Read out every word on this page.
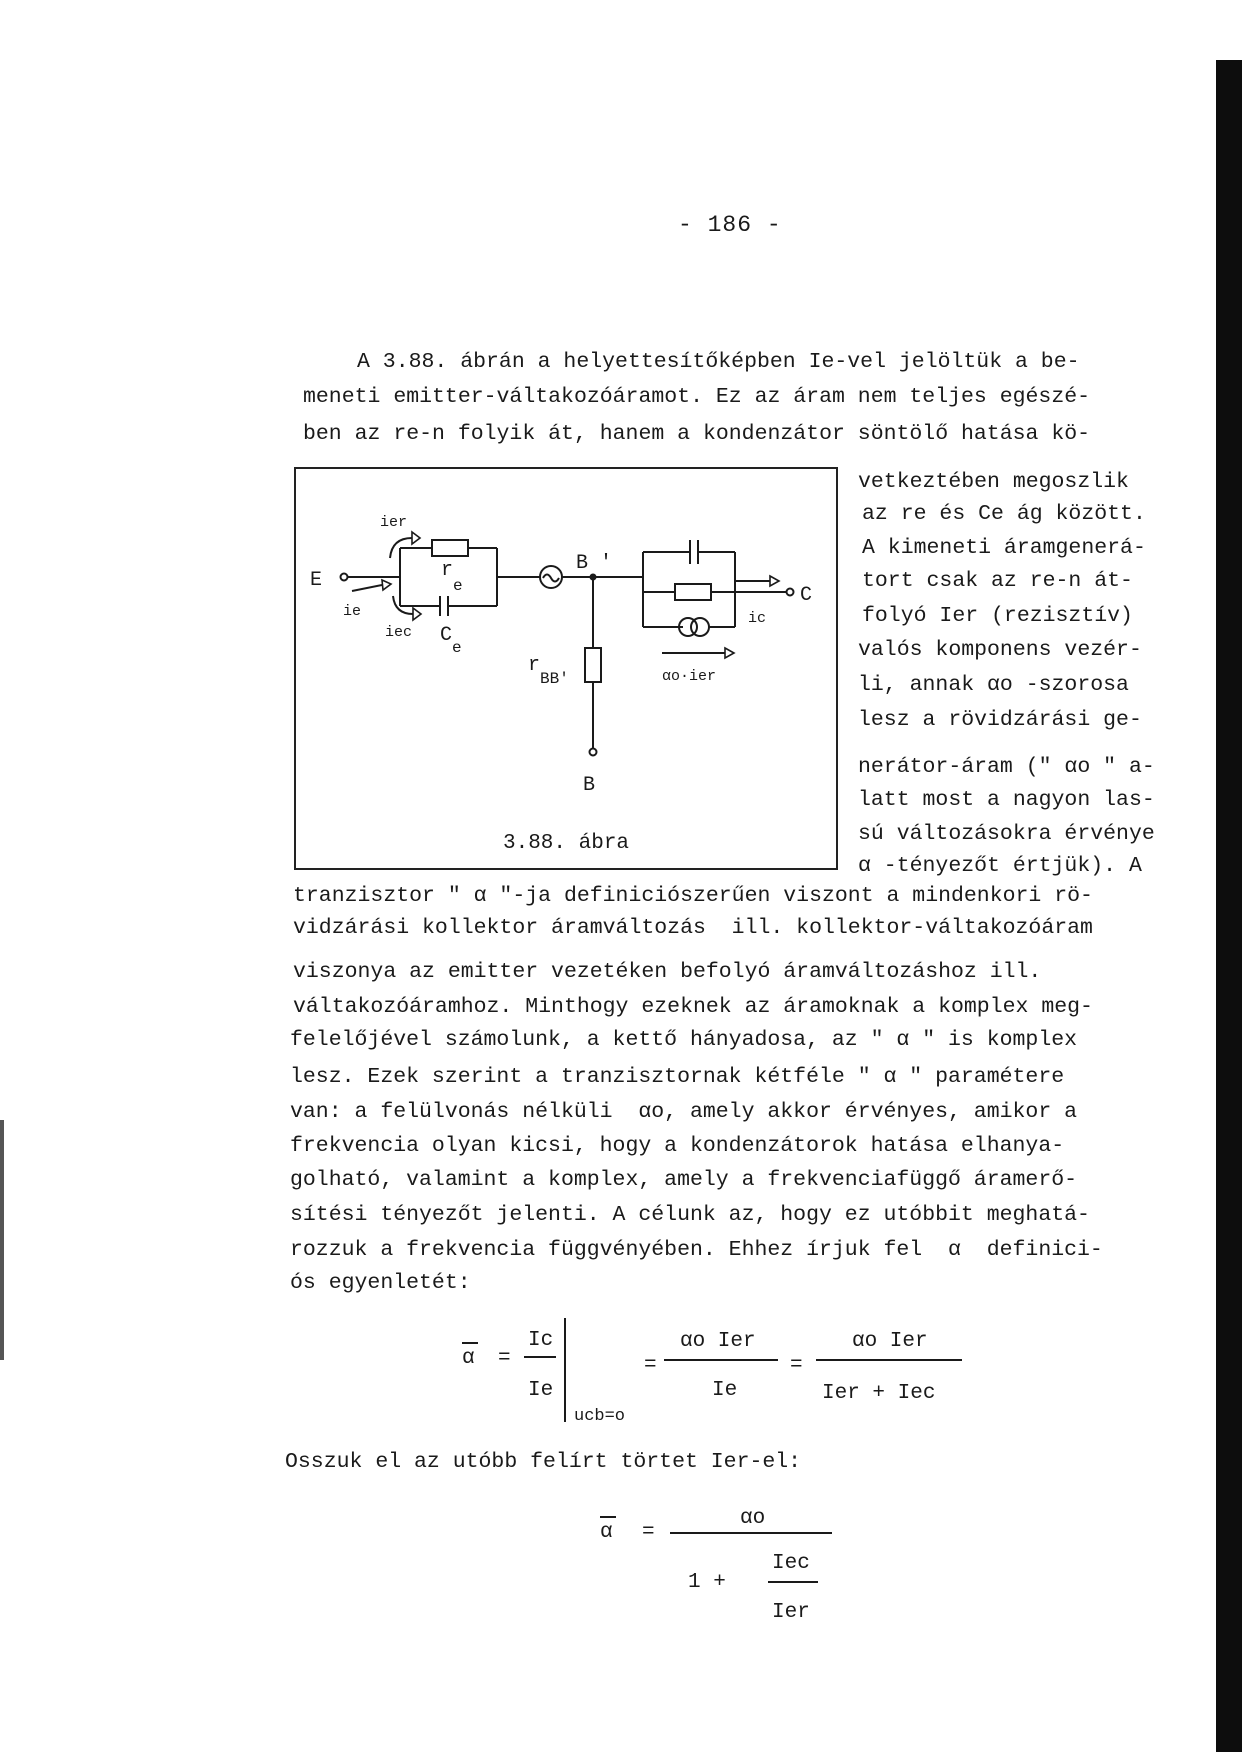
- 186 -
A 3.88. ábrán a helyettesítőképben Ie-vel jelöltük a be-
meneti emitter-váltakozóáramot. Ez az áram nem teljes egészé-
ben az re-n folyik át, hanem a kondenzátor söntölő hatása kö-
vetkeztében megoszlik
az re és Ce ág között.
A kimeneti áramgenerá-
tort csak az re-n át-
folyó Ier (rezisztív)
valós komponens vezér-
li, annak αo -szorosa
lesz a rövidzárási ge-
nerátor-áram (" αo " a-
latt most a nagyon las-
sú változásokra érvénye
α -tényezőt értjük). A
E
C
B '
B
r
e
C
e
r
BB'
ier
ie
iec
ic
αo·ier
3.88. ábra
tranzisztor " α "-ja definiciószerűen viszont a mindenkori rö-
vidzárási kollektor áramváltozás  ill. kollektor-váltakozóáram
viszonya az emitter vezetéken befolyó áramváltozáshoz ill.
váltakozóáramhoz. Minthogy ezeknek az áramoknak a komplex meg-
felelőjével számolunk, a kettő hányadosa, az " α " is komplex
lesz. Ezek szerint a tranzisztornak kétféle " α " paramétere
van: a felülvonás nélküli  αo, amely akkor érvényes, amikor a
frekvencia olyan kicsi, hogy a kondenzátorok hatása elhanya-
golható, valamint a komplex, amely a frekvenciafüggő áramerő-
sítési tényezőt jelenti. A célunk az, hogy ez utóbbit meghatá-
rozzuk a frekvencia függvényében. Ehhez írjuk fel  α  definici-
ós egyenletét:
α =
Ic
Ie
ucb=o
=
αo Ier
Ie
=
αo Ier
Ier + Iec
Osszuk el az utóbb felírt törtet Ier-el:
α =
αo
1 +
Iec
Ier
